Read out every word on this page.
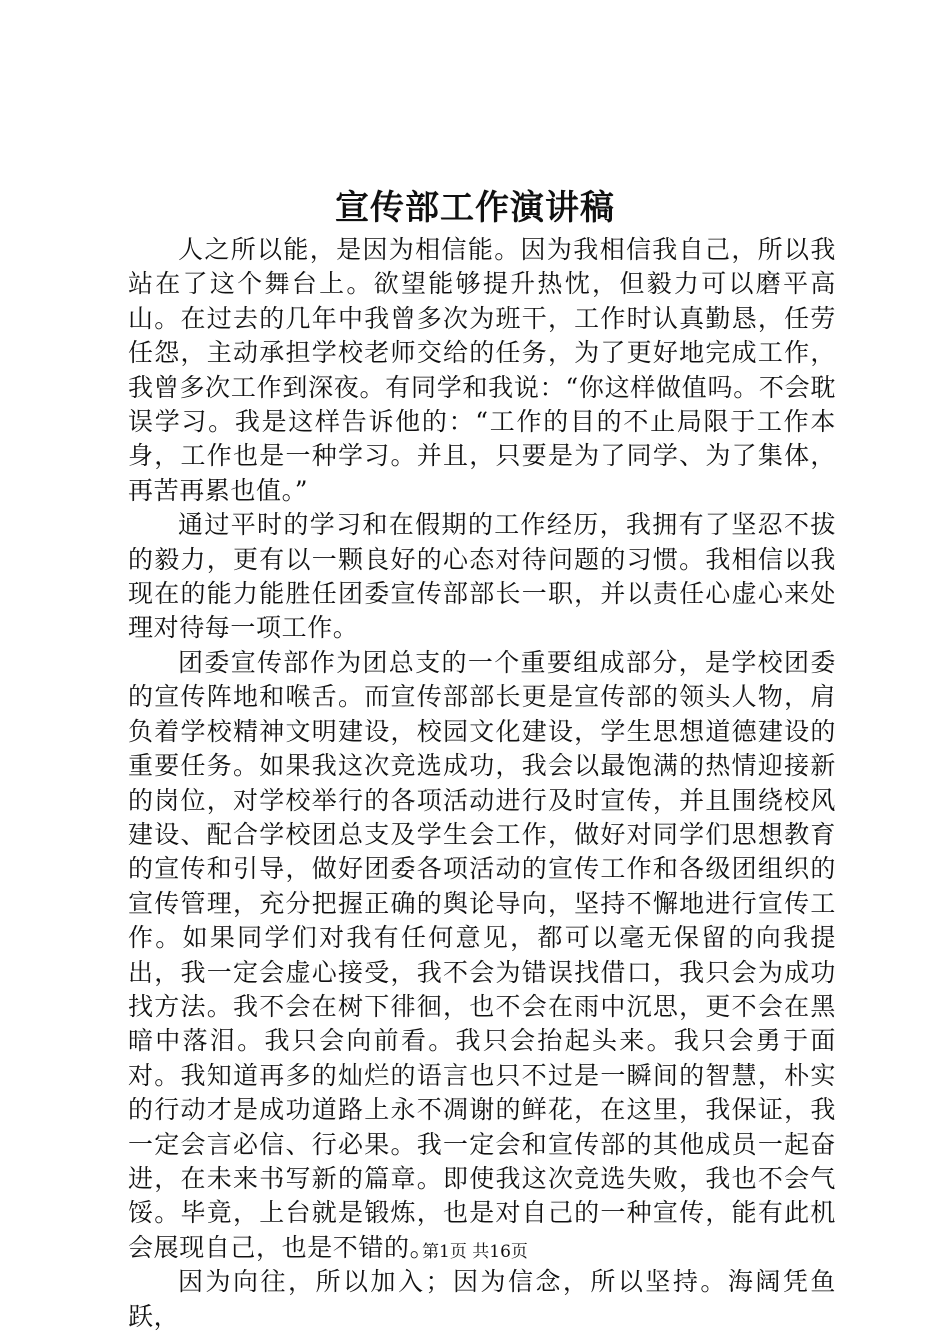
宣传部工作演讲稿

人之所以能，是因为相信能。因为我相信我自己，所以我站在了这个舞台上。欲望能够提升热忱，但毅力可以磨平高山。在过去的几年中我曾多次为班干，工作时认真勤恳，任劳任怨，主动承担学校老师交给的任务，为了更好地完成工作，我曾多次工作到深夜。有同学和我说：“你这样做值吗。不会耽误学习。我是这样告诉他的：“工作的目的不止局限于工作本身，工作也是一种学习。并且，只要是为了同学、为了集体，再苦再累也值。”

通过平时的学习和在假期的工作经历，我拥有了坚忍不拔的毅力，更有以一颗良好的心态对待问题的习惯。我相信以我现在的能力能胜任团委宣传部部长一职，并以责任心虚心来处理对待每一项工作。

团委宣传部作为团总支的一个重要组成部分，是学校团委的宣传阵地和喉舌。而宣传部部长更是宣传部的领头人物，肩负着学校精神文明建设，校园文化建设，学生思想道德建设的重要任务。如果我这次竞选成功，我会以最饱满的热情迎接新的岗位，对学校举行的各项活动进行及时宣传，并且围绕校风建设、配合学校团总支及学生会工作，做好对同学们思想教育的宣传和引导，做好团委各项活动的宣传工作和各级团组织的宣传管理，充分把握正确的舆论导向，坚持不懈地进行宣传工作。如果同学们对我有任何意见，都可以毫无保留的向我提出，我一定会虚心接受，我不会为错误找借口，我只会为成功找方法。我不会在树下徘徊，也不会在雨中沉思，更不会在黑暗中落泪。我只会向前看。我只会抬起头来。我只会勇于面对。我知道再多的灿烂的语言也只不过是一瞬间的智慧，朴实的行动才是成功道路上永不凋谢的鲜花，在这里，我保证，我一定会言必信、行必果。我一定会和宣传部的其他成员一起奋进，在未来书写新的篇章。即使我这次竞选失败，我也不会气馁。毕竟，上台就是锻炼，也是对自己的一种宣传，能有此机会展现自己，也是不错的。

因为向往，所以加入；因为信念，所以坚持。海阔凭鱼跃，

第1页 共16页
